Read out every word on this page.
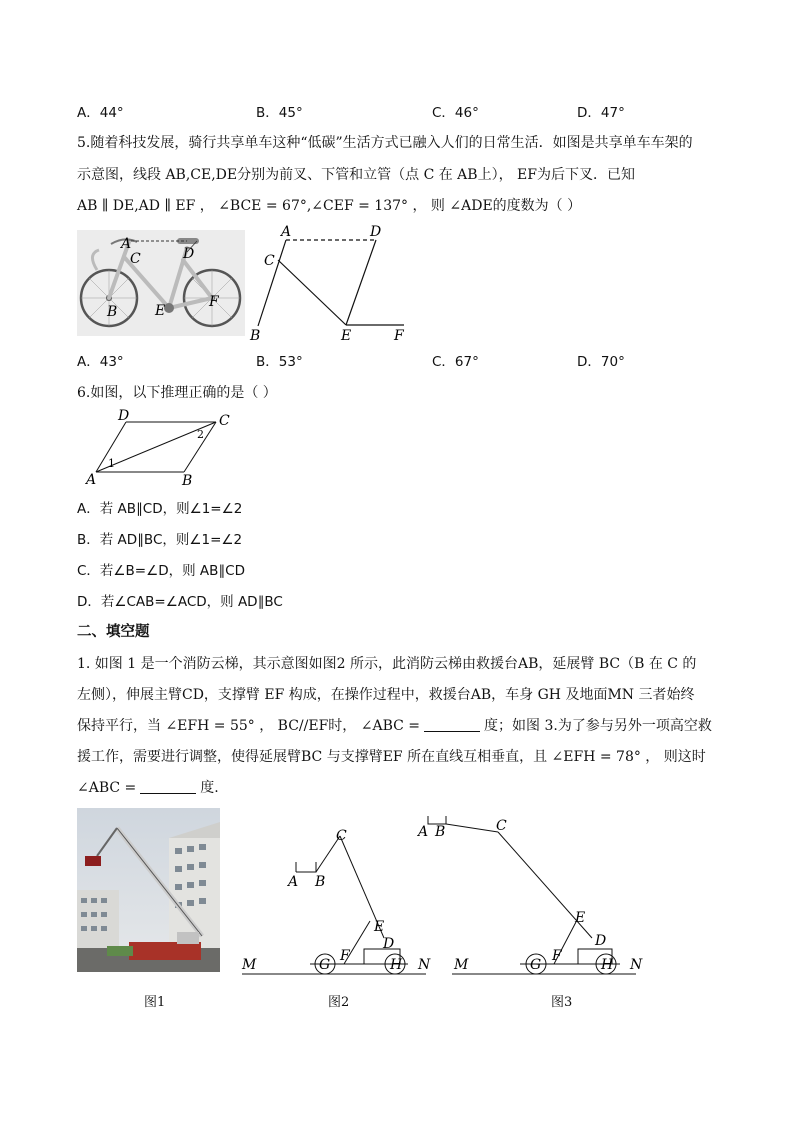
A．44°	B．45°	C．46°	D．47°
5.随着科技发展，骑行共享单车这种“低碳”生活方式已融入人们的日常生活．如图是共享单车车架的
示意图，线段 AB,CE,DE分别为前叉、下管和立管（点 C 在 AB上）， EF为后下叉．已知
AB ∥ DE,AD ∥ EF ， ∠BCE = 67°,∠CEF = 137° ， 则 ∠ADE的度数为（ ）
A
C	D
B	E
F
A	D
C
B	E	F
A．43°	B．53°	C．67°	D．70°
6.如图，以下推理正确的是（ ）
D	C
A	B
1
2
A．若 AB∥CD，则∠1=∠2
B．若 AD∥BC，则∠1=∠2
C．若∠B=∠D，则 AB∥CD
D．若∠CAB=∠ACD，则 AD∥BC
二、填空题
1. 如图 1 是一个消防云梯，其示意图如图2 所示，此消防云梯由救援台AB，延展臂 BC（B 在 C 的
左侧），伸展主臂CD，支撑臂 EF 构成，在操作过程中，救援台AB，车身 GH 及地面MN 三者始终
保持平行，当 ∠EFH = 55° ， BC//EF时， ∠ABC =	度；如图 3.为了参与另外一项高空救
援工作，需要进行调整，使得延展臂BC 与支撑臂EF 所在直线互相垂直，且 ∠EFH = 78° ， 则这时
∠ABC =	度.
图1
A B
C
E
D
F
G	H
M	N
图2
A B	C
E
D
F
G	H
M	N
图3
